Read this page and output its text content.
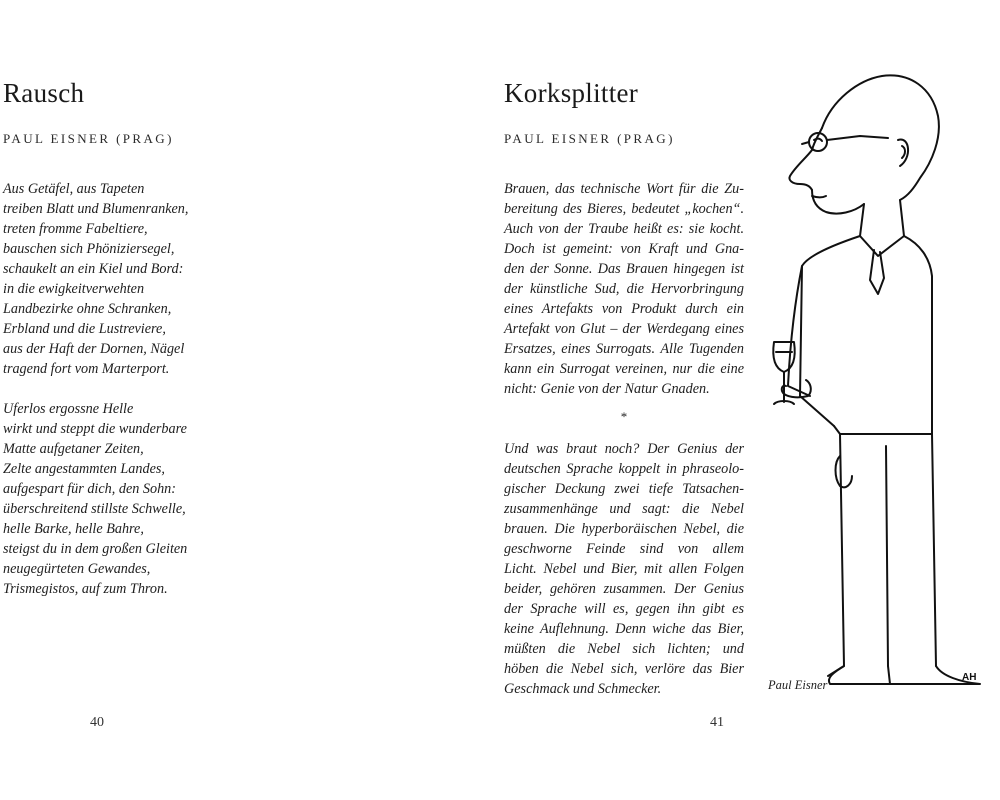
Rausch
PAUL EISNER (PRAG)
Aus Getäfel, aus Tapeten
treiben Blatt und Blumenranken,
treten fromme Fabeltiere,
bauschen sich Phöniziersegel,
schaukelt an ein Kiel und Bord:
in die ewigkeitverwehten
Landbezirke ohne Schranken,
Erbland und die Lustreviere,
aus der Haft der Dornen, Nägel
tragend fort vom Marterport.
Uferlos ergossne Helle
wirkt und steppt die wunderbare
Matte aufgetaner Zeiten,
Zelte angestammten Landes,
aufgespart für dich, den Sohn:
überschreitend stillste Schwelle,
helle Barke, helle Bahre,
steigst du in dem großen Gleiten
neugegürteten Gewandes,
Trismegistos, auf zum Thron.
40
Korksplitter
PAUL EISNER (PRAG)

Brauen, das technische Wort für die Zu-
bereitung des Bieres, bedeutet „kochen“.
Auch von der Traube heißt es: sie kocht.
Doch ist gemeint: von Kraft und Gna-
den der Sonne. Das Brauen hingegen ist
der künstliche Sud, die Hervorbringung
eines Artefakts von Produkt durch ein
Artefakt von Glut – der Werdegang eines
Ersatzes, eines Surrogats. Alle Tugenden
kann ein Surrogat vereinen, nur die eine
nicht: Genie von der Natur Gnaden.

*

Und was braut noch? Der Genius der
deutschen Sprache koppelt in phraseolo-
gischer Deckung zwei tiefe Tatsachen-
zusammenhänge und sagt: die Nebel
brauen. Die hyperboräischen Nebel, die
geschworne Feinde sind von allem
Licht. Nebel und Bier, mit allen Folgen
beider, gehören zusammen. Der Genius
der Sprache will es, gegen ihn gibt es
keine Auflehnung. Denn wiche das Bier,
müßten die Nebel sich lichten; und
höben die Nebel sich, verlöre das Bier
Geschmack und Schmecker.

AH
Paul Eisner
41
